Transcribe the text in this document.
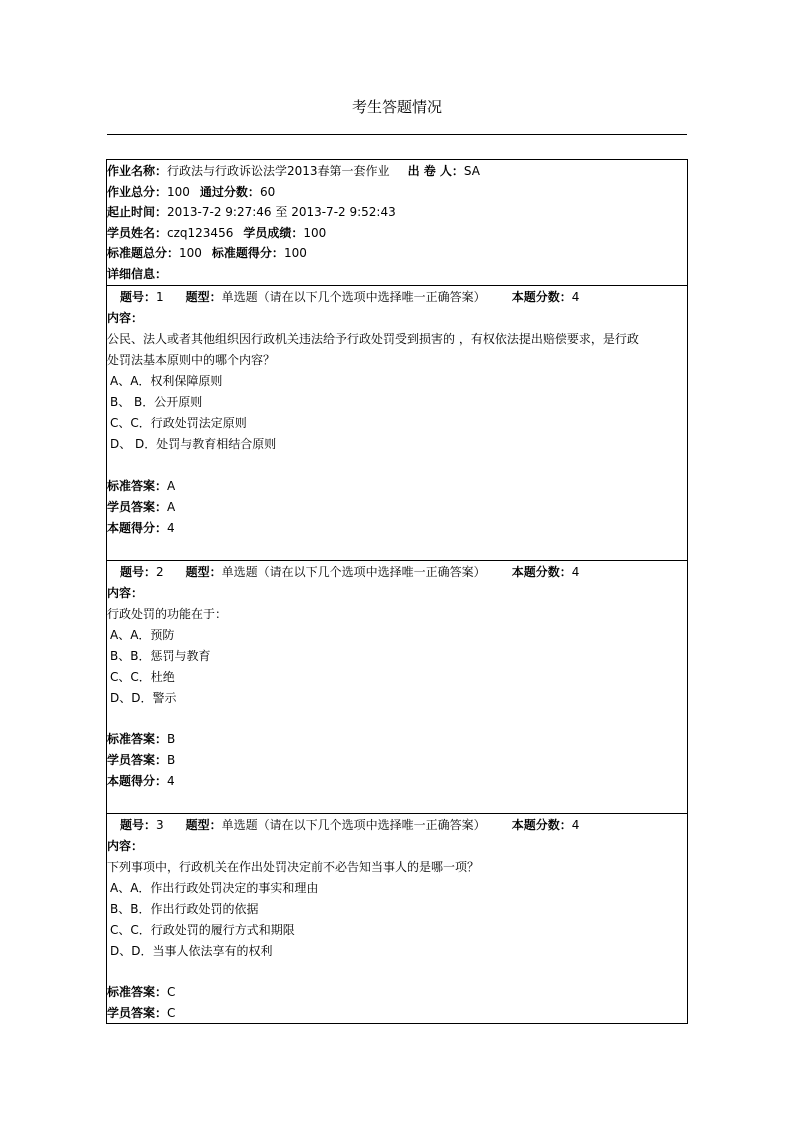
考生答题情况
作业名称：行政法与行政诉讼法学2013春第一套作业 出 卷 人：SA
作业总分：100 通过分数：60
起止时间：2013-7-2 9:27:46 至 2013-7-2 9:52:43
学员姓名：czq123456 学员成绩：100
标准题总分：100 标准题得分：100
详细信息：
题号：1 题型：单选题（请在以下几个选项中选择唯一正确答案） 本题分数：4
内容：
公民、法人或者其他组织因行政机关违法给予行政处罚受到损害的 ，有权依法提出赔偿要求，是行政
处罚法基本原则中的哪个内容？
A、A．权利保障原则
B、 B．公开原则
C、C．行政处罚法定原则
D、 D．处罚与教育相结合原则
标准答案：A
学员答案：A
本题得分：4
题号：2 题型：单选题（请在以下几个选项中选择唯一正确答案） 本题分数：4
内容：
行政处罚的功能在于：
A、A．预防
B、B．惩罚与教育
C、C．杜绝
D、D．警示
标准答案：B
学员答案：B
本题得分：4
题号：3 题型：单选题（请在以下几个选项中选择唯一正确答案） 本题分数：4
内容：
下列事项中，行政机关在作出处罚决定前不必告知当事人的是哪一项？
A、A．作出行政处罚决定的事实和理由
B、B．作出行政处罚的依据
C、C．行政处罚的履行方式和期限
D、D．当事人依法享有的权利
标准答案：C
学员答案：C
